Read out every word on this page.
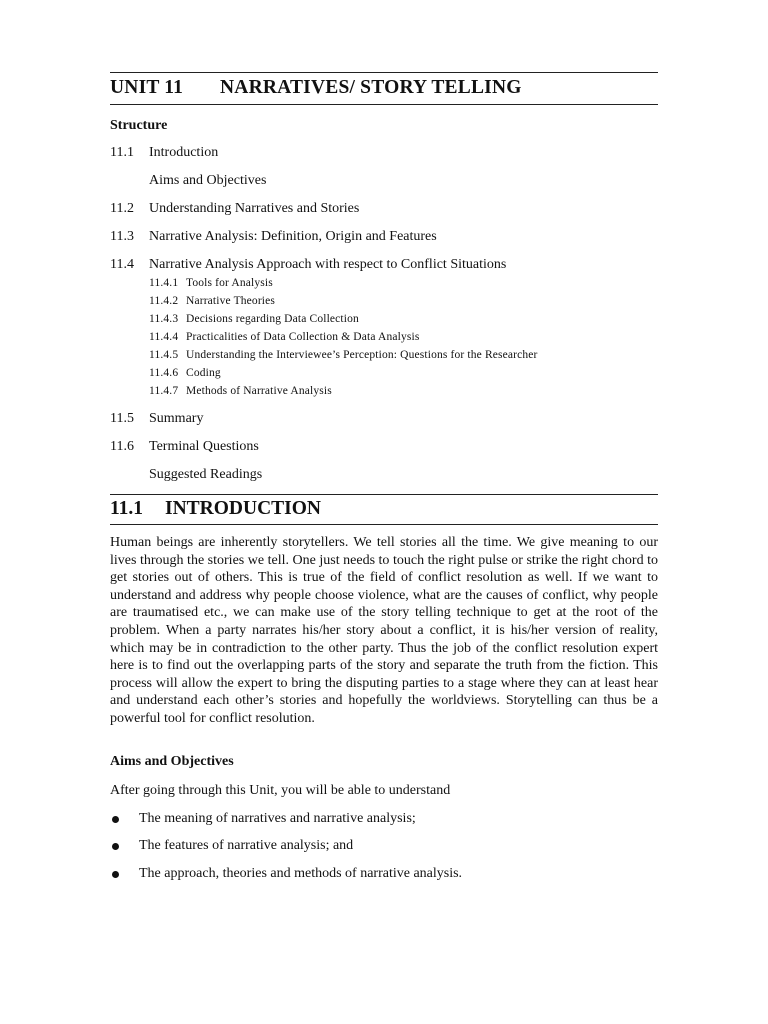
UNIT 11 NARRATIVES/ STORY TELLING
Structure
11.1 Introduction
Aims and Objectives
11.2 Understanding Narratives and Stories
11.3 Narrative Analysis: Definition, Origin and Features
11.4 Narrative Analysis Approach with respect to Conflict Situations
11.4.1 Tools for Analysis
11.4.2 Narrative Theories
11.4.3 Decisions regarding Data Collection
11.4.4 Practicalities of Data Collection & Data Analysis
11.4.5 Understanding the Interviewee’s Perception: Questions for the Researcher
11.4.6 Coding
11.4.7 Methods of Narrative Analysis
11.5 Summary
11.6 Terminal Questions
Suggested Readings
11.1 INTRODUCTION
Human beings are inherently storytellers. We tell stories all the time. We give meaning to our lives through the stories we tell. One just needs to touch the right pulse or strike the right chord to get stories out of others. This is true of the field of conflict resolution as well. If we want to understand and address why people choose violence, what are the causes of conflict, why people are traumatised etc., we can make use of the story telling technique to get at the root of the problem. When a party narrates his/her story about a conflict, it is his/her version of reality, which may be in contradiction to the other party. Thus the job of the conflict resolution expert here is to find out the overlapping parts of the story and separate the truth from the fiction. This process will allow the expert to bring the disputing parties to a stage where they can at least hear and understand each other’s stories and hopefully the worldviews. Storytelling can thus be a powerful tool for conflict resolution.
Aims and Objectives
After going through this Unit, you will be able to understand
The meaning of narratives and narrative analysis;
The features of narrative analysis; and
The approach, theories and methods of narrative analysis.
